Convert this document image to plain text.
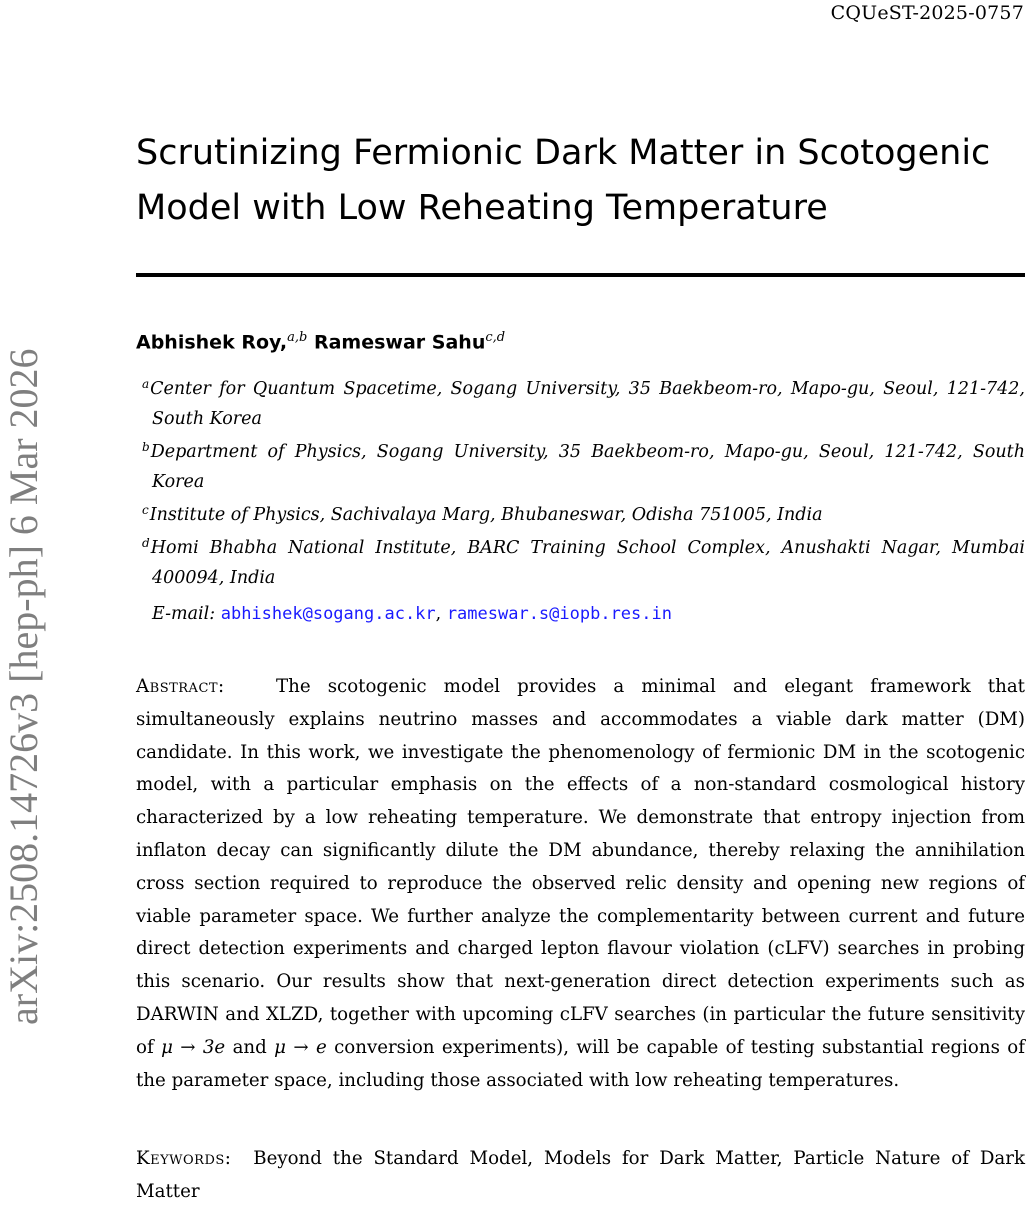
CQUeST-2025-0757
arXiv:2508.14726v3 [hep-ph] 6 Mar 2026
Scrutinizing Fermionic Dark Matter in Scotogenic Model with Low Reheating Temperature
Abhishek Roy,$^{a,b}$ Rameswar Sahu$^{c,d}$
$^a$Center for Quantum Spacetime, Sogang University, 35 Baekbeom-ro, Mapo-gu, Seoul, 121-742,
South Korea
$^b$Department of Physics, Sogang University, 35 Baekbeom-ro, Mapo-gu, Seoul, 121-742, South
Korea
$^c$Institute of Physics, Sachivalaya Marg, Bhubaneswar, Odisha 751005, India
$^d$Homi Bhabha National Institute, BARC Training School Complex, Anushakti Nagar, Mumbai
400094, India
E-mail: abhishek@sogang.ac.kr, rameswar.s@iopb.res.in

Abstract:	The scotogenic model provides a minimal and elegant framework that simultaneously explains neutrino masses and accommodates a viable dark matter (DM) candidate. In this work, we investigate the phenomenology of fermionic DM in the scotogenic model, with a particular emphasis on the effects of a non-standard cosmological history characterized by a low reheating temperature. We demonstrate that entropy injection from inflaton decay can significantly dilute the DM abundance, thereby relaxing the annihilation cross section required to reproduce the observed relic density and opening new regions of viable parameter space. We further analyze the complementarity between current and future direct detection experiments and charged lepton flavour violation (cLFV) searches in probing this scenario. Our results show that next-generation direct detection experiments such as DARWIN and XLZD, together with upcoming cLFV searches (in particular the future sensitivity of μ → 3e and μ → e conversion experiments), will be capable of testing substantial regions of the parameter space, including those associated with low reheating temperatures.

Keywords: Beyond the Standard Model, Models for Dark Matter, Particle Nature of Dark Matter
